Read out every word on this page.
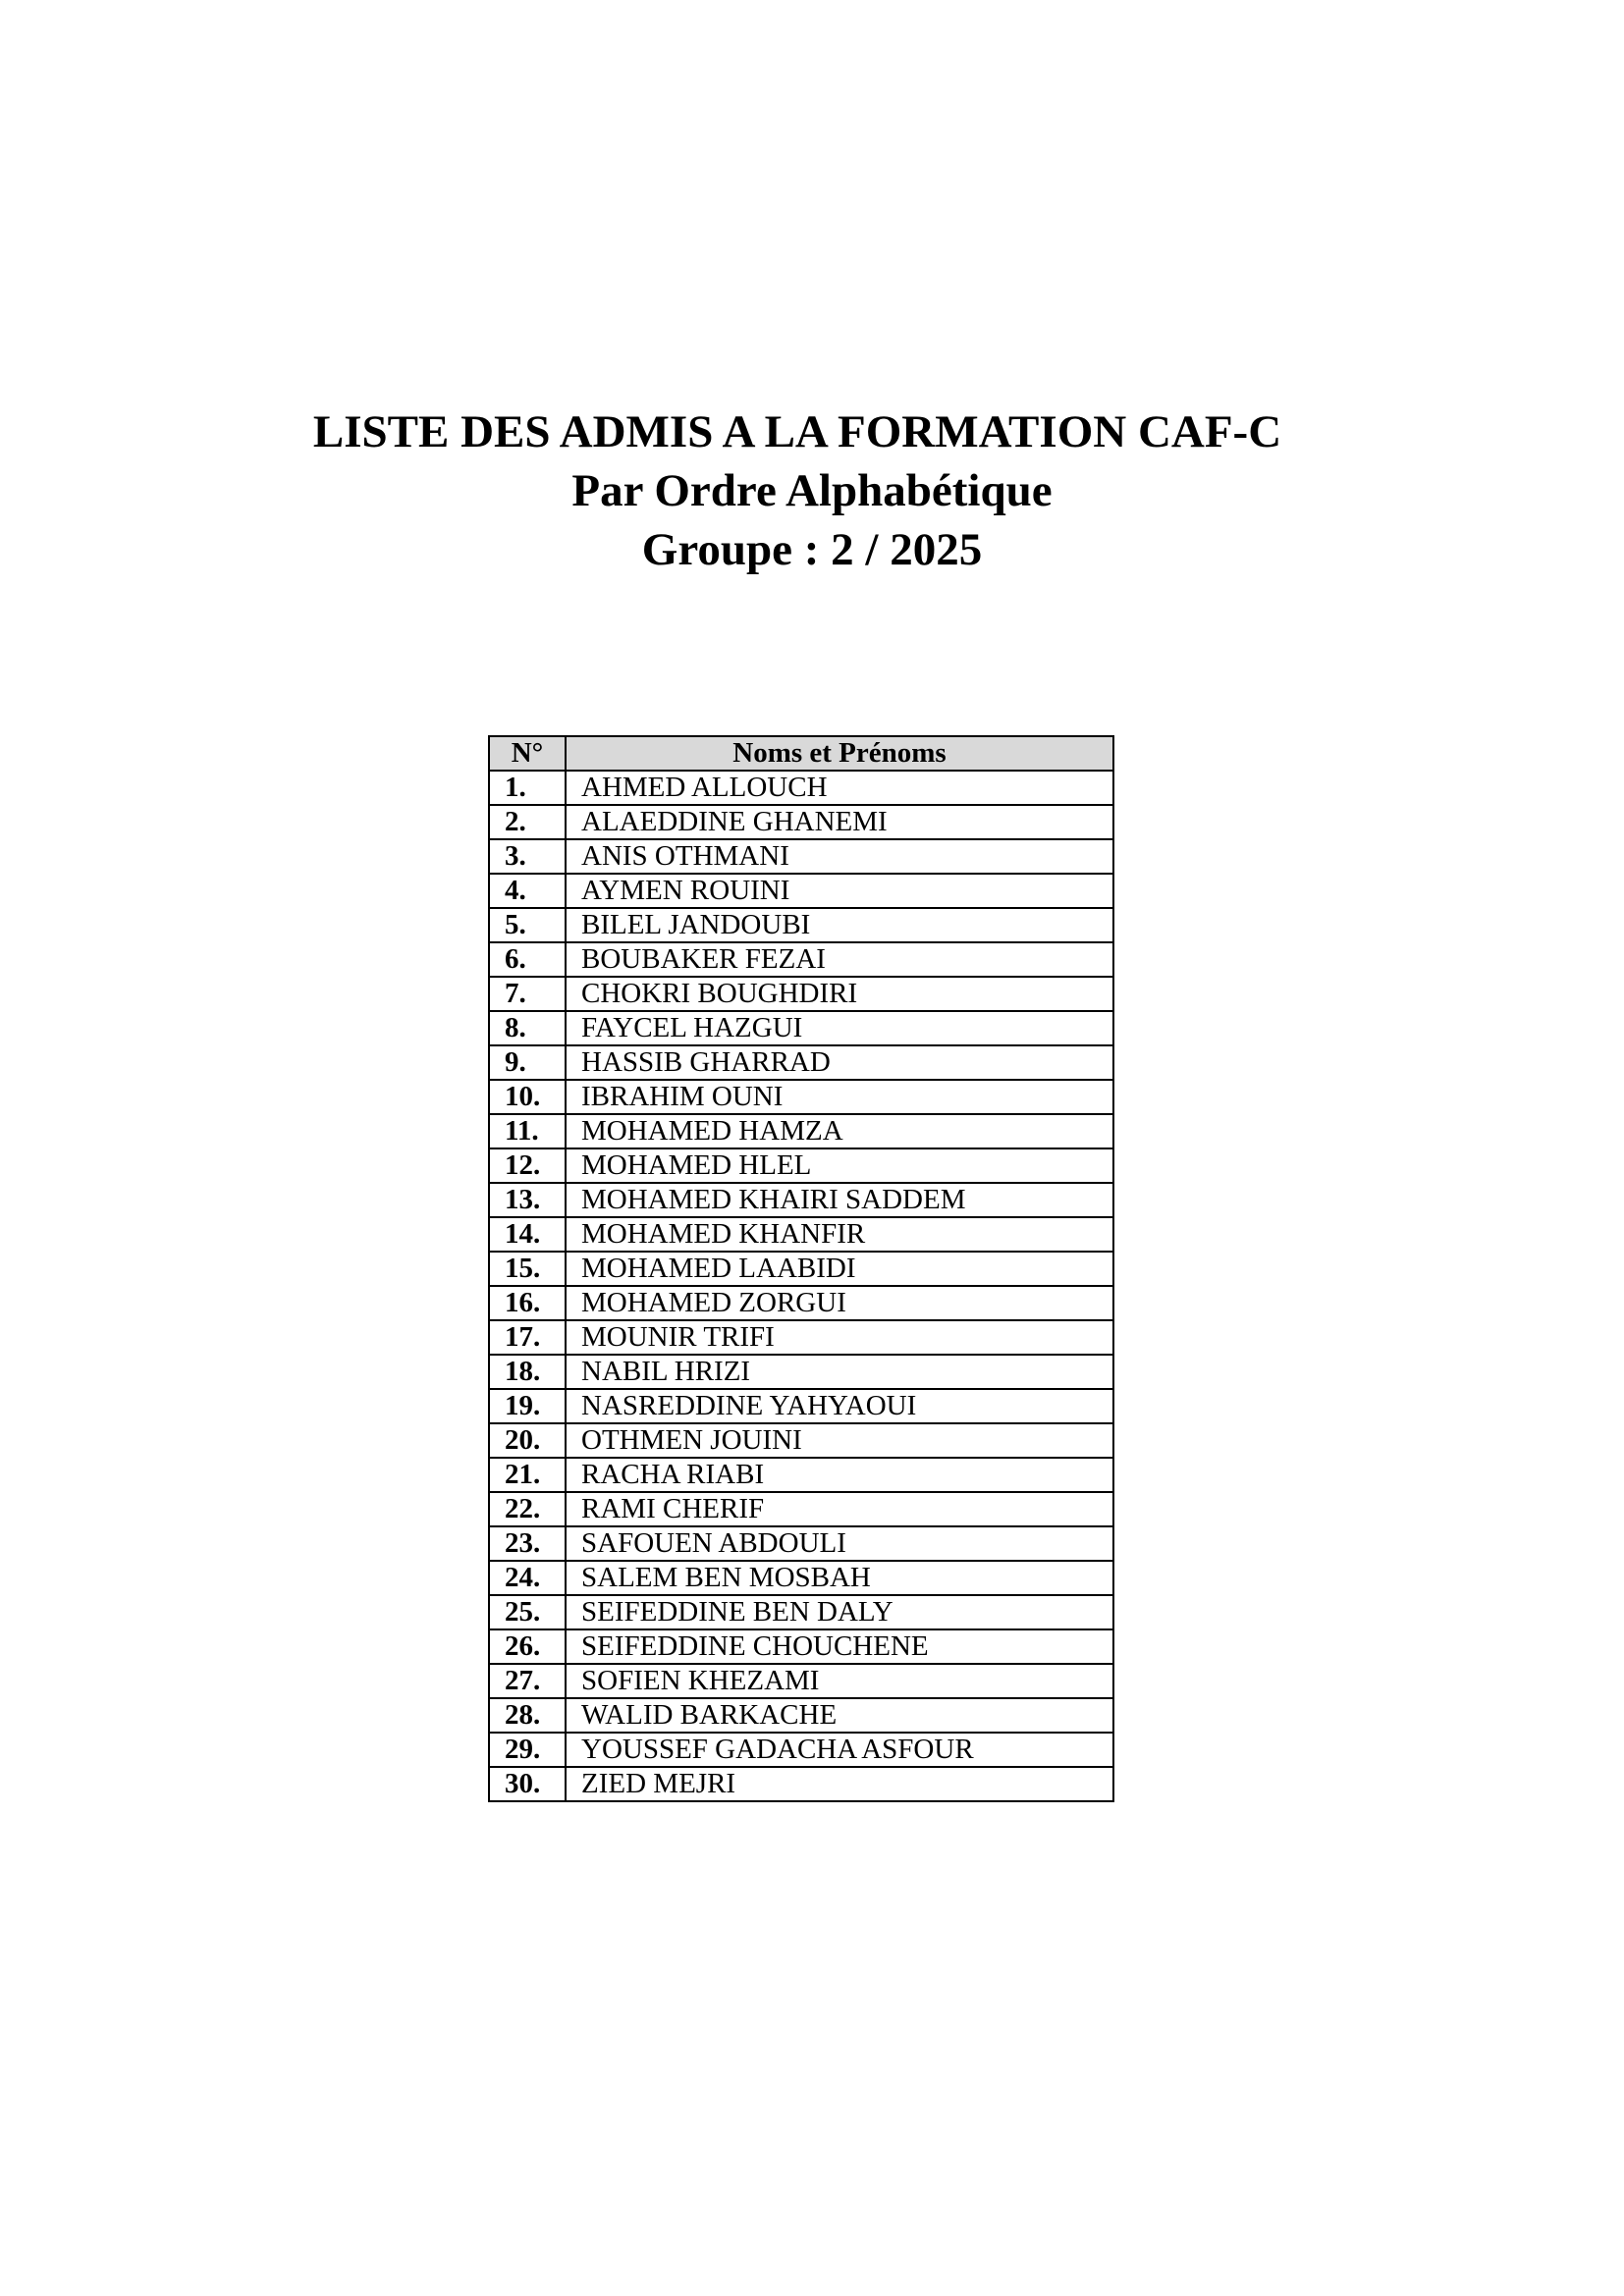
LISTE DES ADMIS A LA FORMATION CAF-C

Par Ordre Alphabétique

Groupe : 2 / 2025

N°	Noms et Prénoms
1.	AHMED ALLOUCH
2.	ALAEDDINE GHANEMI
3.	ANIS OTHMANI
4.	AYMEN ROUINI
5.	BILEL JANDOUBI
6.	BOUBAKER FEZAI
7.	CHOKRI BOUGHDIRI
8.	FAYCEL HAZGUI
9.	HASSIB GHARRAD
10.	IBRAHIM OUNI
11.	MOHAMED HAMZA
12.	MOHAMED HLEL
13.	MOHAMED KHAIRI SADDEM
14.	MOHAMED KHANFIR
15.	MOHAMED LAABIDI
16.	MOHAMED ZORGUI
17.	MOUNIR TRIFI
18.	NABIL HRIZI
19.	NASREDDINE YAHYAOUI
20.	OTHMEN JOUINI
21.	RACHA RIABI
22.	RAMI CHERIF
23.	SAFOUEN ABDOULI
24.	SALEM BEN MOSBAH
25.	SEIFEDDINE BEN DALY
26.	SEIFEDDINE CHOUCHENE
27.	SOFIEN KHEZAMI
28.	WALID BARKACHE
29.	YOUSSEF GADACHA ASFOUR
30.	ZIED MEJRI
